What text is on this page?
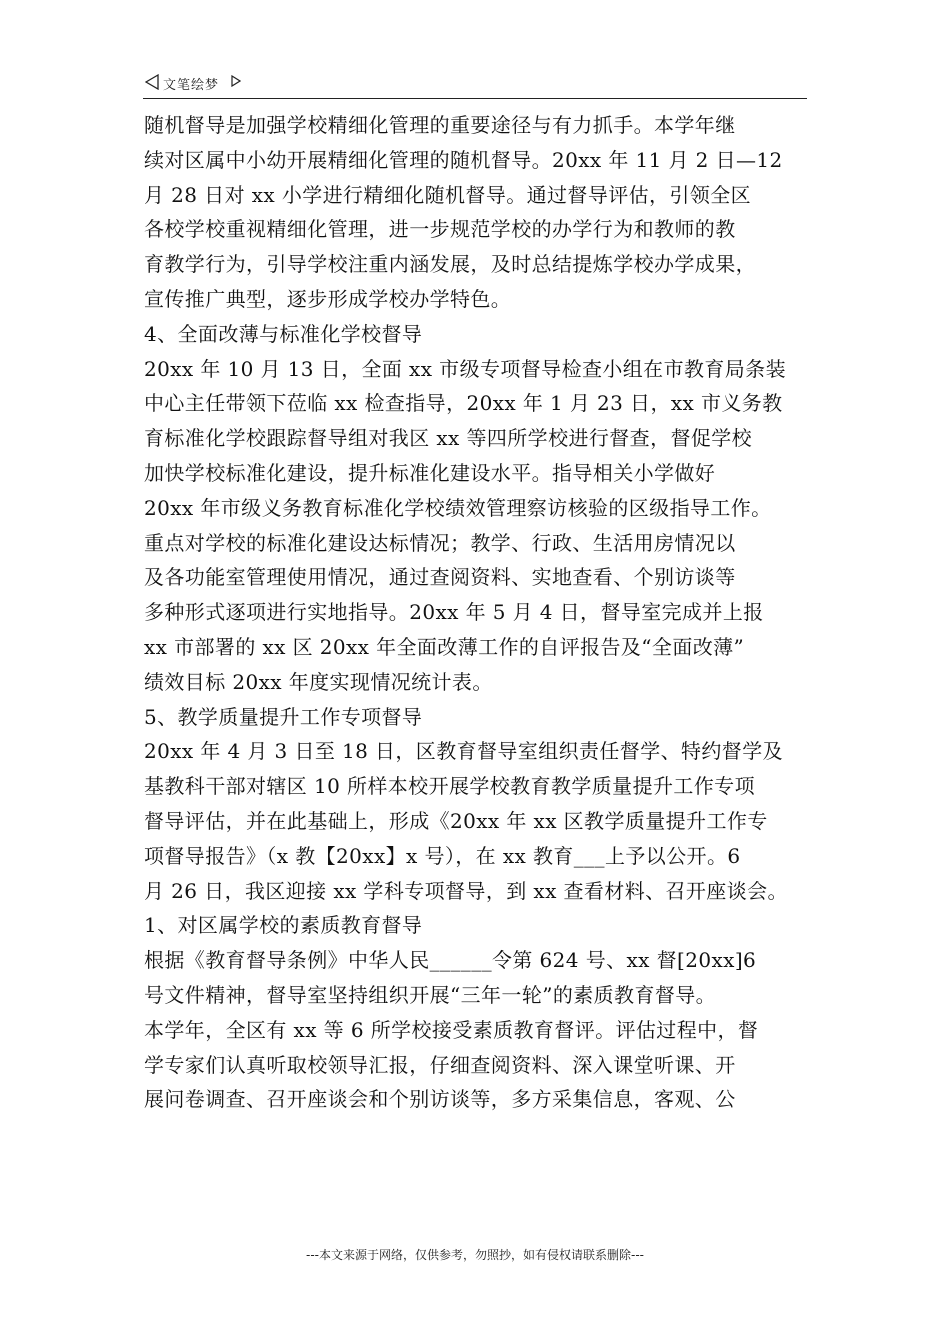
文笔绘梦
随机督导是加强学校精细化管理的重要途径与有力抓手。本学年继
续对区属中小幼开展精细化管理的随机督导。20xx 年 11 月 2 日—12
月 28 日对 xx 小学进行精细化随机督导。通过督导评估，引领全区
各校学校重视精细化管理，进一步规范学校的办学行为和教师的教
育教学行为，引导学校注重内涵发展，及时总结提炼学校办学成果，
宣传推广典型，逐步形成学校办学特色。
4、全面改薄与标准化学校督导
20xx 年 10 月 13 日，全面 xx 市级专项督导检查小组在市教育局条装
中心主任带领下莅临 xx 检查指导，20xx 年 1 月 23 日，xx 市义务教
育标准化学校跟踪督导组对我区 xx 等四所学校进行督查，督促学校
加快学校标准化建设，提升标准化建设水平。指导相关小学做好
20xx 年市级义务教育标准化学校绩效管理察访核验的区级指导工作。
重点对学校的标准化建设达标情况；教学、行政、生活用房情况以
及各功能室管理使用情况，通过查阅资料、实地查看、个别访谈等
多种形式逐项进行实地指导。20xx 年 5 月 4 日，督导室完成并上报
xx 市部署的 xx 区 20xx 年全面改薄工作的自评报告及“全面改薄”
绩效目标 20xx 年度实现情况统计表。
5、教学质量提升工作专项督导
20xx 年 4 月 3 日至 18 日，区教育督导室组织责任督学、特约督学及
基教科干部对辖区 10 所样本校开展学校教育教学质量提升工作专项
督导评估，并在此基础上，形成《20xx 年 xx 区教学质量提升工作专
项督导报告》（x 教【20xx】x 号），在 xx 教育___上予以公开。6
月 26 日，我区迎接 xx 学科专项督导，到 xx 查看材料、召开座谈会。
1、对区属学校的素质教育督导
根据《教育督导条例》中华人民______令第 624 号、xx 督[20xx]6
号文件精神，督导室坚持组织开展“三年一轮”的素质教育督导。
本学年，全区有 xx 等 6 所学校接受素质教育督评。评估过程中，督
学专家们认真听取校领导汇报，仔细查阅资料、深入课堂听课、开
展问卷调查、召开座谈会和个别访谈等，多方采集信息，客观、公
---本文来源于网络，仅供参考，勿照抄，如有侵权请联系删除---
